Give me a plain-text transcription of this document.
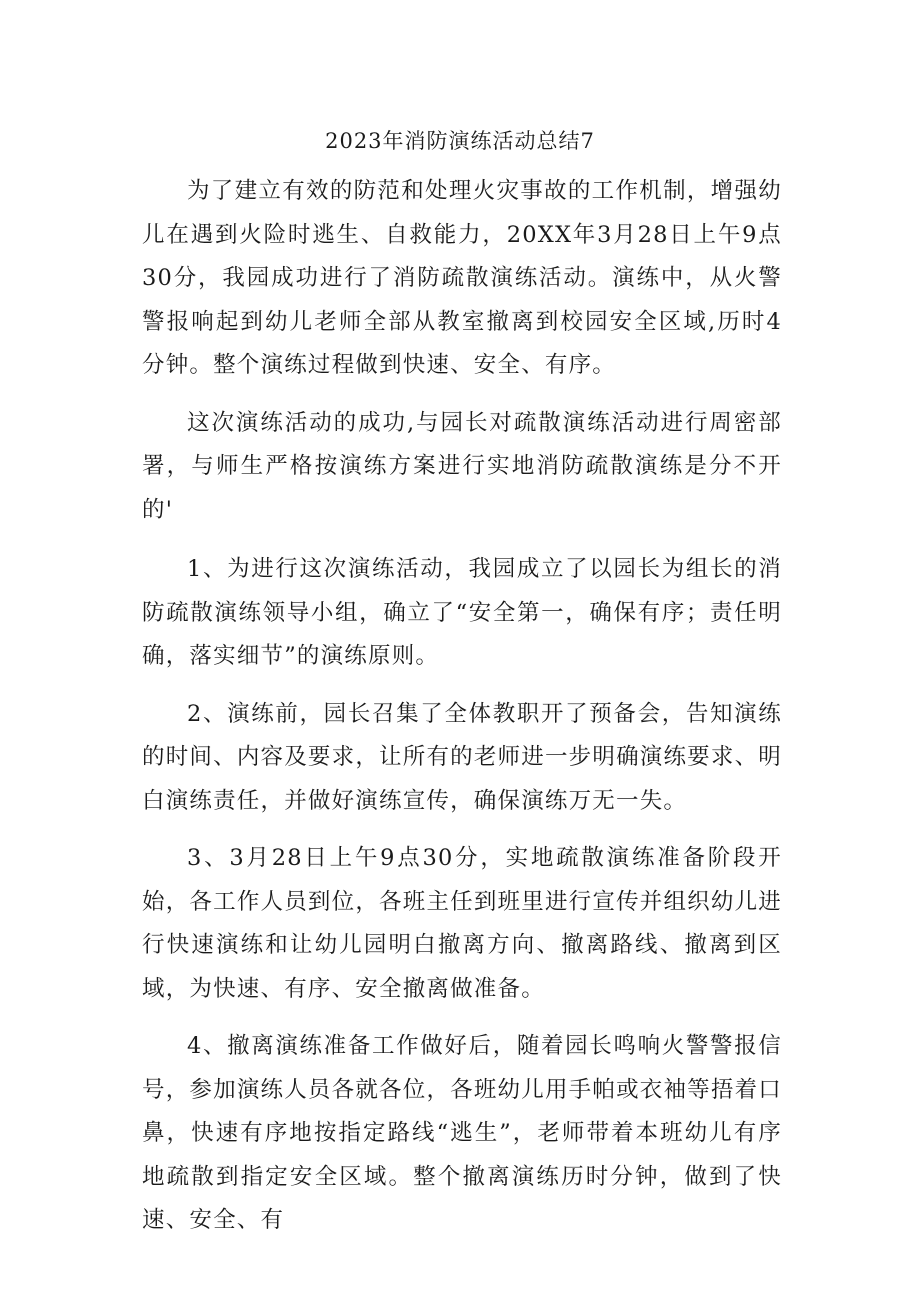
2023年消防演练活动总结7

为了建立有效的防范和处理火灾事故的工作机制，增强幼儿在遇到火险时逃生、自救能力，20XX年3月28日上午9点30分，我园成功进行了消防疏散演练活动。演练中，从火警警报响起到幼儿老师全部从教室撤离到校园安全区域,历时4分钟。整个演练过程做到快速、安全、有序。

这次演练活动的成功,与园长对疏散演练活动进行周密部署，与师生严格按演练方案进行实地消防疏散演练是分不开的'

1、为进行这次演练活动，我园成立了以园长为组长的消防疏散演练领导小组，确立了“安全第一，确保有序；责任明确，落实细节”的演练原则。

2、演练前，园长召集了全体教职开了预备会，告知演练的时间、内容及要求，让所有的老师进一步明确演练要求、明白演练责任，并做好演练宣传，确保演练万无一失。

3、3月28日上午9点30分，实地疏散演练准备阶段开始，各工作人员到位，各班主任到班里进行宣传并组织幼儿进行快速演练和让幼儿园明白撤离方向、撤离路线、撤离到区域，为快速、有序、安全撤离做准备。

4、撤离演练准备工作做好后，随着园长鸣响火警警报信号，参加演练人员各就各位，各班幼儿用手帕或衣袖等捂着口鼻，快速有序地按指定路线“逃生”，老师带着本班幼儿有序地疏散到指定安全区域。整个撤离演练历时分钟，做到了快速、安全、有
